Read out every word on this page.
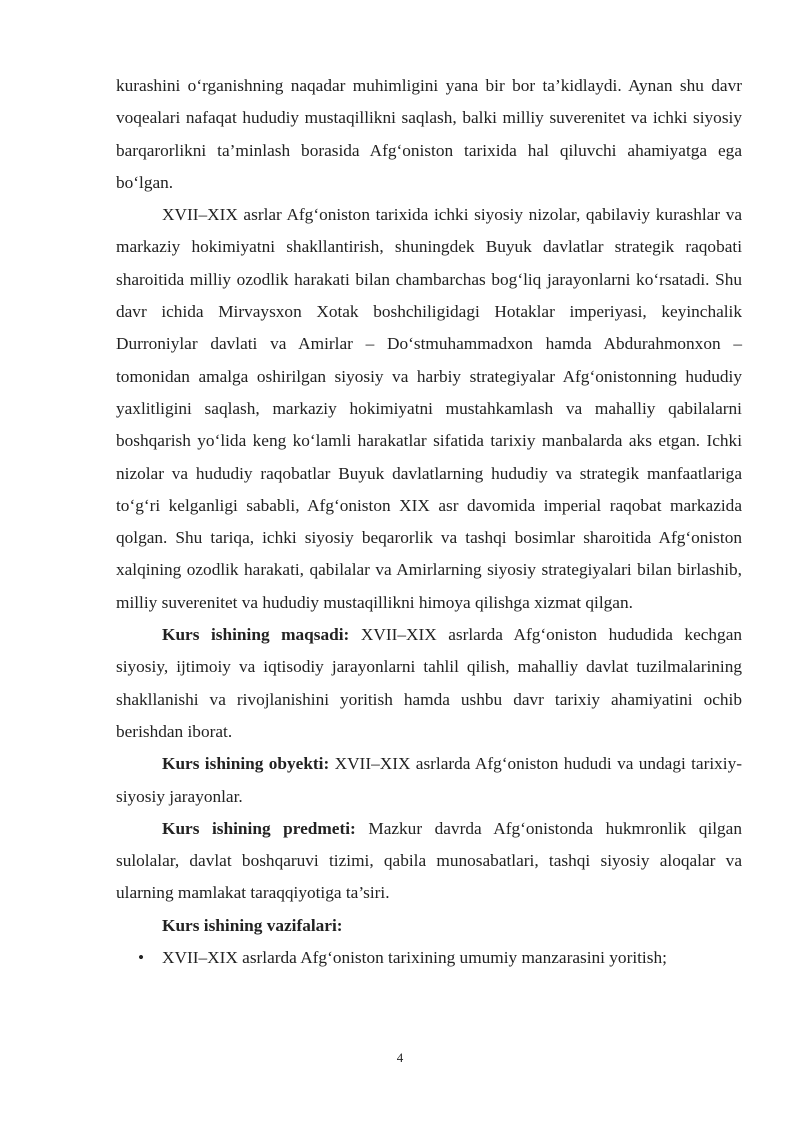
kurashini o‘rganishning naqadar muhimligini yana bir bor ta’kidlaydi. Aynan shu davr voqealari nafaqat hududiy mustaqillikni saqlash, balki milliy suverenitet va ichki siyosiy barqarorlikni ta’minlash borasida Afg‘oniston tarixida hal qiluvchi ahamiyatga ega bo‘lgan.

XVII–XIX asrlar Afg‘oniston tarixida ichki siyosiy nizolar, qabilaviy kurashlar va markaziy hokimiyatni shakllantirish, shuningdek Buyuk davlatlar strategik raqobati sharoitida milliy ozodlik harakati bilan chambarchas bog‘liq jarayonlarni ko‘rsatadi. Shu davr ichida Mirvaysxon Xotak boshchiligidagi Hotaklar imperiyasi, keyinchalik Durroniylar davlati va Amirlar – Do‘stmuhammadxon hamda Abdurahmonxon – tomonidan amalga oshirilgan siyosiy va harbiy strategiyalar Afg‘onistonning hududiy yaxlitligini saqlash, markaziy hokimiyatni mustahkamlash va mahalliy qabilalarni boshqarish yo‘lida keng ko‘lamli harakatlar sifatida tarixiy manbalarda aks etgan. Ichki nizolar va hududiy raqobatlar Buyuk davlatlarning hududiy va strategik manfaatlariga to‘g‘ri kelganligi sababli, Afg‘oniston XIX asr davomida imperial raqobat markazida qolgan. Shu tariqa, ichki siyosiy beqarorlik va tashqi bosimlar sharoitida Afg‘oniston xalqining ozodlik harakati, qabilalar va Amirlarning siyosiy strategiyalari bilan birlashib, milliy suverenitet va hududiy mustaqillikni himoya qilishga xizmat qilgan.

Kurs ishining maqsadi: XVII–XIX asrlarda Afg‘oniston hududida kechgan siyosiy, ijtimoiy va iqtisodiy jarayonlarni tahlil qilish, mahalliy davlat tuzilmalarining shakllanishi va rivojlanishini yoritish hamda ushbu davr tarixiy ahamiyatini ochib berishdan iborat.

Kurs ishining obyekti: XVII–XIX asrlarda Afg‘oniston hududi va undagi tarixiy-siyosiy jarayonlar.

Kurs ishining predmeti: Mazkur davrda Afg‘onistonda hukmronlik qilgan sulolalar, davlat boshqaruvi tizimi, qabila munosabatlari, tashqi siyosiy aloqalar va ularning mamlakat taraqqiyotiga ta’siri.

Kurs ishining vazifalari:

• XVII–XIX asrlarda Afg‘oniston tarixining umumiy manzarasini yoritish;

4
